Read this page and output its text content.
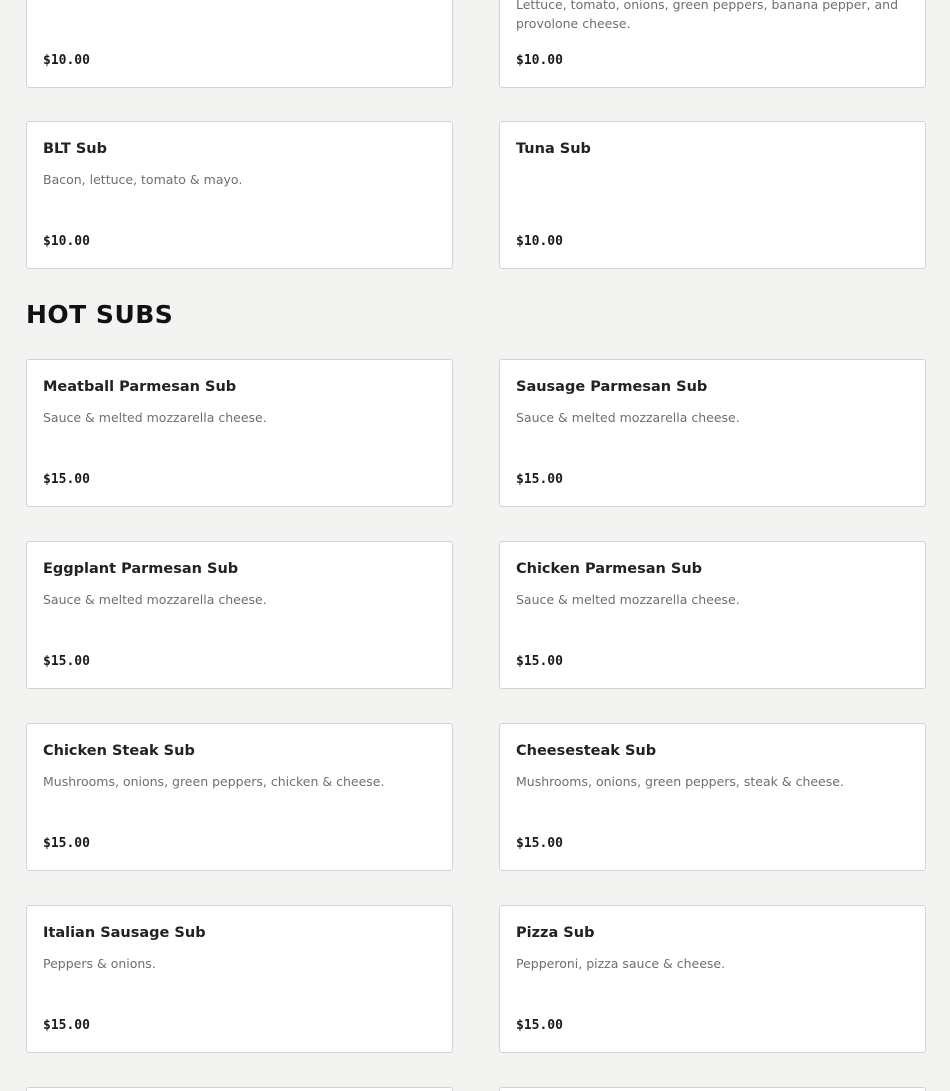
$10.00
Lettuce, tomato, onions, green peppers, banana pepper, and provolone cheese.
$10.00
BLT Sub
Bacon, lettuce, tomato & mayo.
$10.00
Tuna Sub
$10.00
HOT SUBS
Meatball Parmesan Sub
Sauce & melted mozzarella cheese.
$15.00
Sausage Parmesan Sub
Sauce & melted mozzarella cheese.
$15.00
Eggplant Parmesan Sub
Sauce & melted mozzarella cheese.
$15.00
Chicken Parmesan Sub
Sauce & melted mozzarella cheese.
$15.00
Chicken Steak Sub
Mushrooms, onions, green peppers, chicken & cheese.
$15.00
Cheesesteak Sub
Mushrooms, onions, green peppers, steak & cheese.
$15.00
Italian Sausage Sub
Peppers & onions.
$15.00
Pizza Sub
Pepperoni, pizza sauce & cheese.
$15.00
